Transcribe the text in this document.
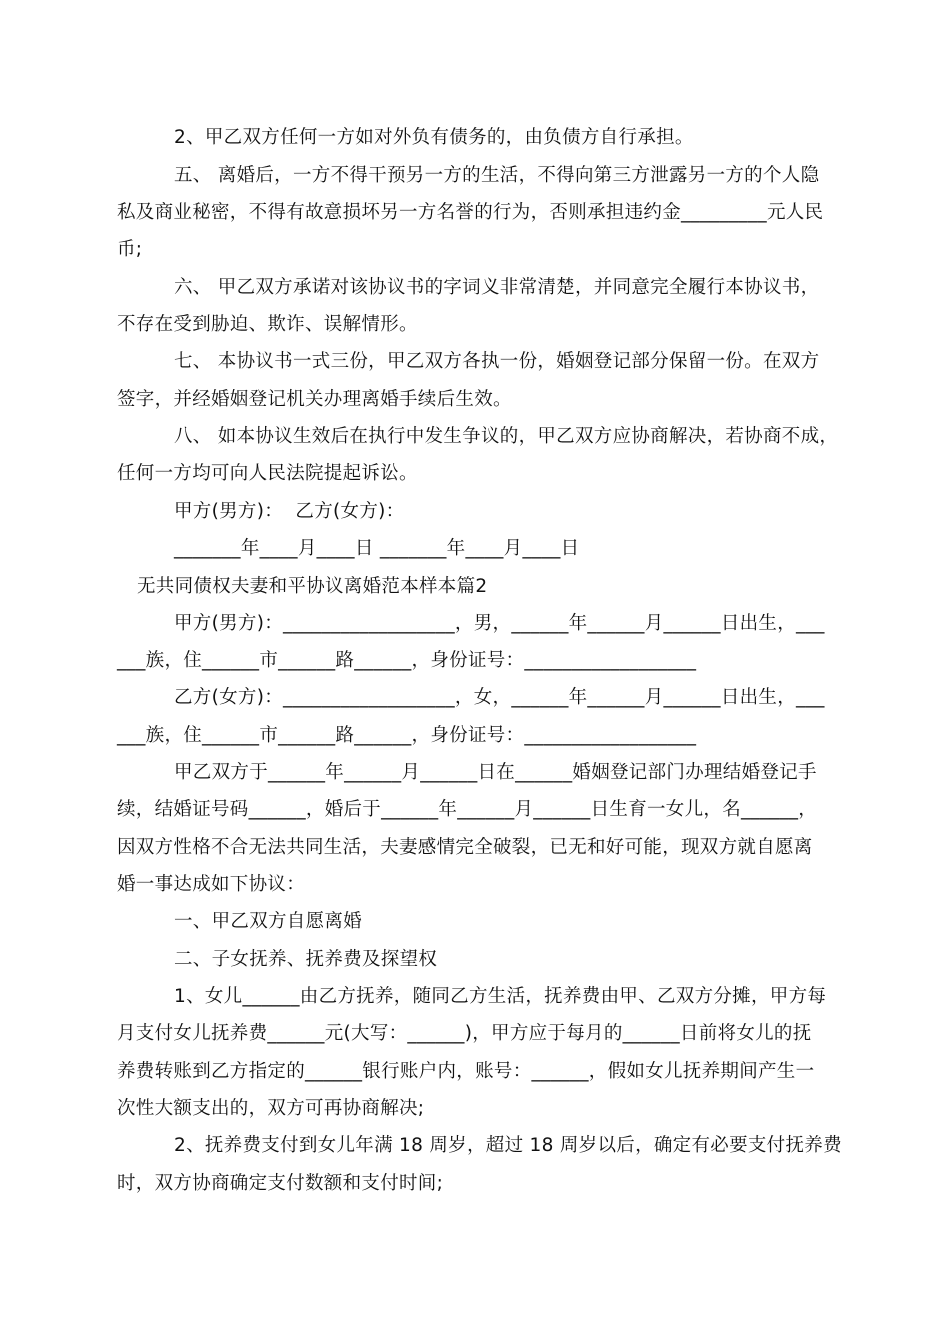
2、甲乙双方任何一方如对外负有债务的，由负债方自行承担。
五、 离婚后，一方不得干预另一方的生活，不得向第三方泄露另一方的个人隐
私及商业秘密，不得有故意损坏另一方名誉的行为，否则承担违约金_________元人民
币;
六、 甲乙双方承诺对该协议书的字词义非常清楚，并同意完全履行本协议书，
不存在受到胁迫、欺诈、误解情形。
七、 本协议书一式三份，甲乙双方各执一份，婚姻登记部分保留一份。在双方
签字，并经婚姻登记机关办理离婚手续后生效。
八、 如本协议生效后在执行中发生争议的，甲乙双方应协商解决，若协商不成，
任何一方均可向人民法院提起诉讼。
甲方(男方)：  乙方(女方)：
_______年____月____日 _______年____月____日
无共同债权夫妻和平协议离婚范本样本篇2
甲方(男方)：__________________，男，______年______月______日出生，___
___族，住______市______路______，身份证号：__________________
乙方(女方)：__________________，女，______年______月______日出生，___
___族，住______市______路______，身份证号：__________________
甲乙双方于______年______月______日在______婚姻登记部门办理结婚登记手
续，结婚证号码______，婚后于______年______月______日生育一女儿，名______，
因双方性格不合无法共同生活，夫妻感情完全破裂，已无和好可能，现双方就自愿离
婚一事达成如下协议：
一、甲乙双方自愿离婚
二、子女抚养、抚养费及探望权
1、女儿______由乙方抚养，随同乙方生活，抚养费由甲、乙双方分摊，甲方每
月支付女儿抚养费______元(大写：______)，甲方应于每月的______日前将女儿的抚
养费转账到乙方指定的______银行账户内，账号：______，假如女儿抚养期间产生一
次性大额支出的，双方可再协商解决;
2、抚养费支付到女儿年满 18 周岁，超过 18 周岁以后，确定有必要支付抚养费
时，双方协商确定支付数额和支付时间;
